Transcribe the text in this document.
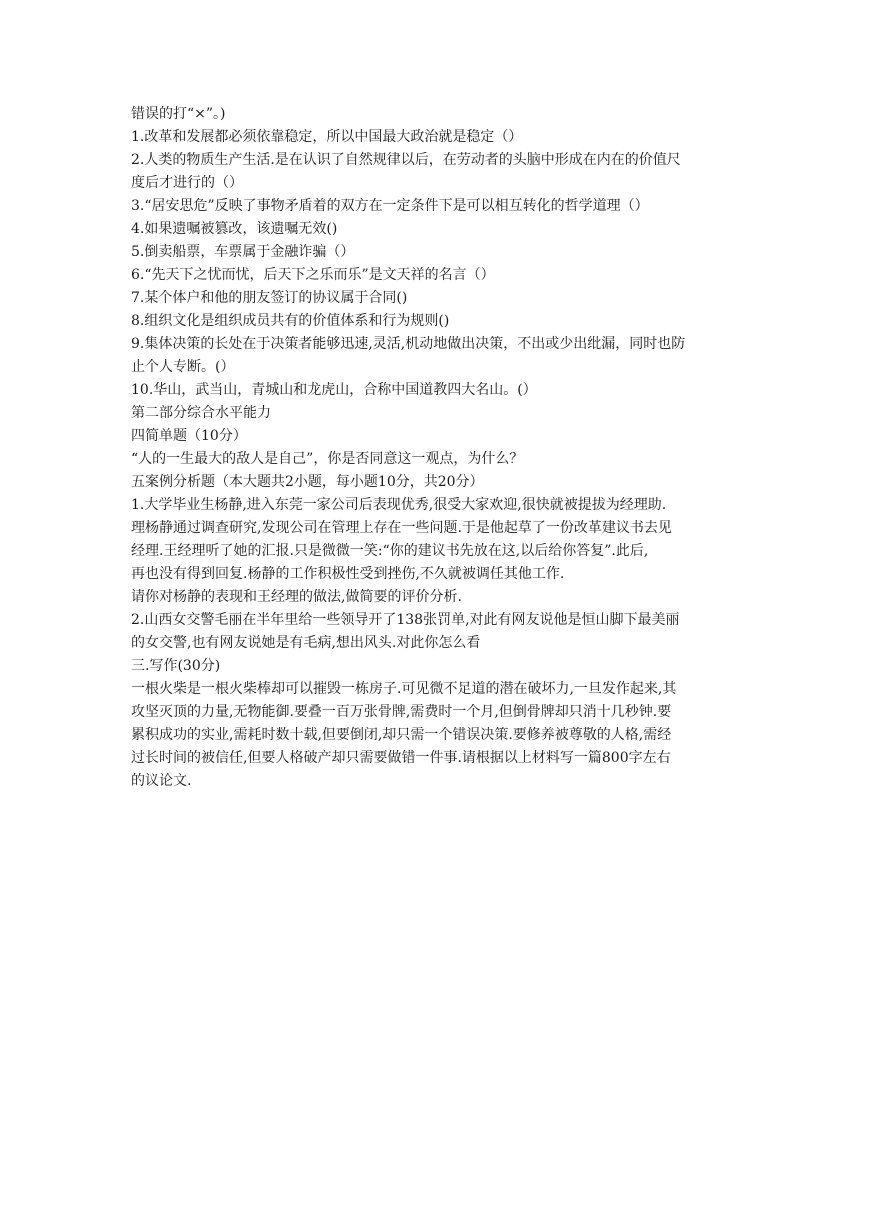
错误的打“×”。)
1.改革和发展都必须依靠稳定，所以中国最大政治就是稳定（）
2.人类的物质生产生活.是在认识了自然规律以后，在劳动者的头脑中形成在内在的价值尺
度后才进行的（）
3.“居安思危”反映了事物矛盾着的双方在一定条件下是可以相互转化的哲学道理（）
4.如果遗嘱被篡改，该遗嘱无效()
5.倒卖船票，车票属于金融诈骗（）
6.“先天下之忧而忧，后天下之乐而乐”是文天祥的名言（）
7.某个体户和他的朋友签订的协议属于合同()
8.组织文化是组织成员共有的价值体系和行为规则()
9.集体决策的长处在于决策者能够迅速,灵活,机动地做出决策，不出或少出纰漏，同时也防
止个人专断。(）
10.华山，武当山，青城山和龙虎山，合称中国道教四大名山。(）
第二部分综合水平能力
四简单题（10分）
“人的一生最大的敌人是自己”，你是否同意这一观点，为什么？
五案例分析题（本大题共2小题，每小题10分，共20分）
1.大学毕业生杨静,进入东莞一家公司后表现优秀,很受大家欢迎,很快就被提拔为经理助.
理杨静通过调查研究,发现公司在管理上存在一些问题.于是他起草了一份改革建议书去见
经理.王经理听了她的汇报.只是微微一笑:“你的建议书先放在这,以后给你答复”.此后,
再也没有得到回复.杨静的工作积极性受到挫伤,不久就被调任其他工作.
请你对杨静的表现和王经理的做法,做简要的评价分析.
2.山西女交警毛丽在半年里给一些领导开了138张罚单,对此有网友说他是恒山脚下最美丽
的女交警,也有网友说她是有毛病,想出风头.对此你怎么看
三.写作(30分)
一根火柴是一根火柴棒却可以摧毁一栋房子.可见微不足道的潜在破坏力,一旦发作起来,其
攻坚灭顶的力量,无物能御.要叠一百万张骨牌,需费时一个月,但倒骨牌却只消十几秒钟.要
累积成功的实业,需耗时数十载,但要倒闭,却只需一个错误决策.要修养被尊敬的人格,需经
过长时间的被信任,但要人格破产却只需要做错一件事.请根据以上材料写一篇800字左右
的议论文.
